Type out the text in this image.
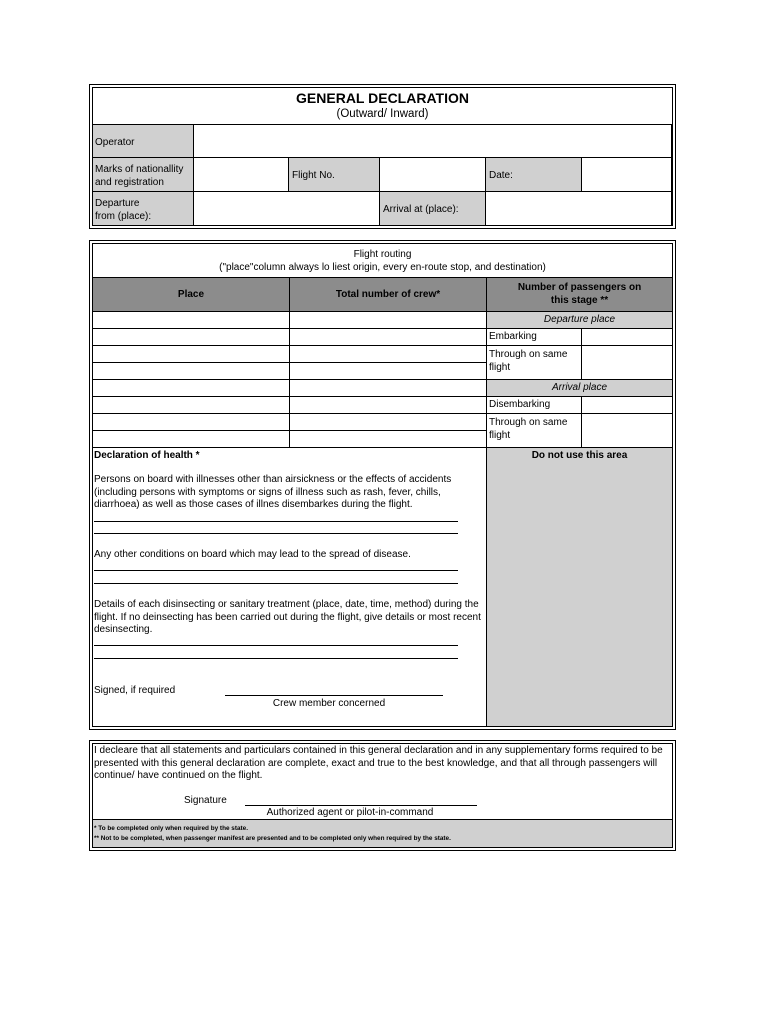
GENERAL DECLARATION
(Outward/ Inward)
Operator
Marks of nationallity and registration
Flight No.	Date:
Departure from (place):
Arrival at (place):
Flight routing
("place"column always lo liest origin, every en-route stop, and destination)
Place	Total number of crew*
Number of passengers on this stage **
Departure place
Embarking
Through on same flight
Arrival place
Disembarking
Through on same flight
Do not use this area
Declaration of health *
Persons on board with illnesses other than airsickness or the effects of accidents (including persons with symptoms or signs of illness such as rash, fever, chills, diarrhoea) as well as those cases of illnes disembarkes during the flight.
Any other conditions on board which may lead to the spread of disease.
Details of each disinsecting or sanitary treatment (place, date, time, method) during the flight. If no deinsecting has been carried out during the flight, give details or most recent desinsecting.
Signed, if required
Crew member concerned
I decleare that all statements and particulars contained in this general declaration and in any supplementary forms required to be presented with this general declaration are complete, exact and true to the best knowledge, and that all through passengers will continue/ have continued on the flight.
Signature
Authorized agent or pilot-in-command
* To be completed only when required by the state.
** Not to be completed, when passenger manifest are presented and to be completed only when required by the state.
